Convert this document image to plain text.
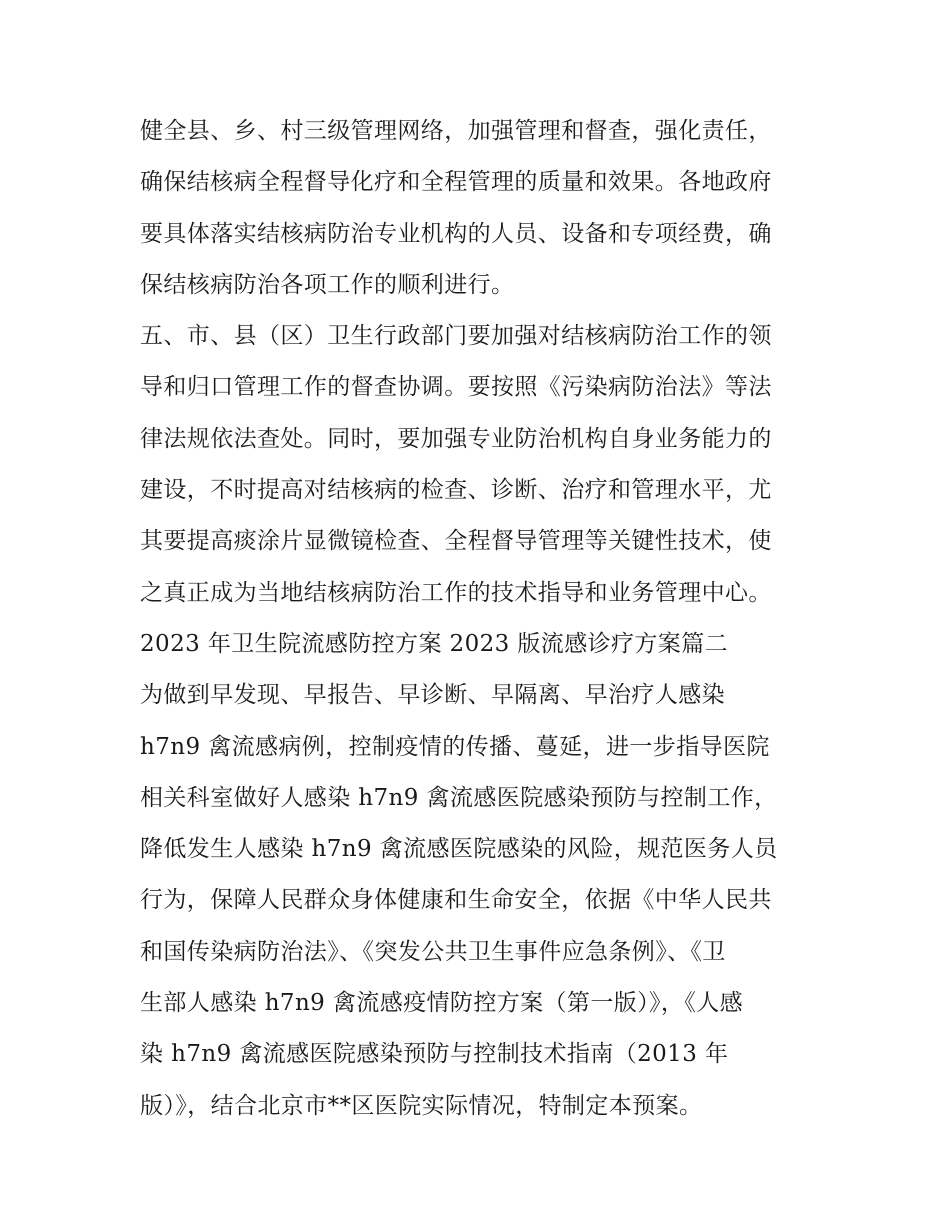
健全县、乡、村三级管理网络，加强管理和督查，强化责任，
确保结核病全程督导化疗和全程管理的质量和效果。各地政府
要具体落实结核病防治专业机构的人员、设备和专项经费，确
保结核病防治各项工作的顺利进行。
五、市、县（区）卫生行政部门要加强对结核病防治工作的领
导和归口管理工作的督查协调。要按照《污染病防治法》等法
律法规依法查处。同时，要加强专业防治机构自身业务能力的
建设，不时提高对结核病的检查、诊断、治疗和管理水平，尤
其要提高痰涂片显微镜检查、全程督导管理等关键性技术，使
之真正成为当地结核病防治工作的技术指导和业务管理中心。
2023 年卫生院流感防控方案 2023 版流感诊疗方案篇二
为做到早发现、早报告、早诊断、早隔离、早治疗人感染
h7n9 禽流感病例，控制疫情的传播、蔓延，进一步指导医院
相关科室做好人感染 h7n9 禽流感医院感染预防与控制工作，
降低发生人感染 h7n9 禽流感医院感染的风险，规范医务人员
行为，保障人民群众身体健康和生命安全，依据《中华人民共
和国传染病防治法》、《突发公共卫生事件应急条例》、《卫
生部人感染 h7n9 禽流感疫情防控方案（第一版）》，《人感
染 h7n9 禽流感医院感染预防与控制技术指南（2013 年
版）》，结合北京市**区医院实际情况，特制定本预案。
